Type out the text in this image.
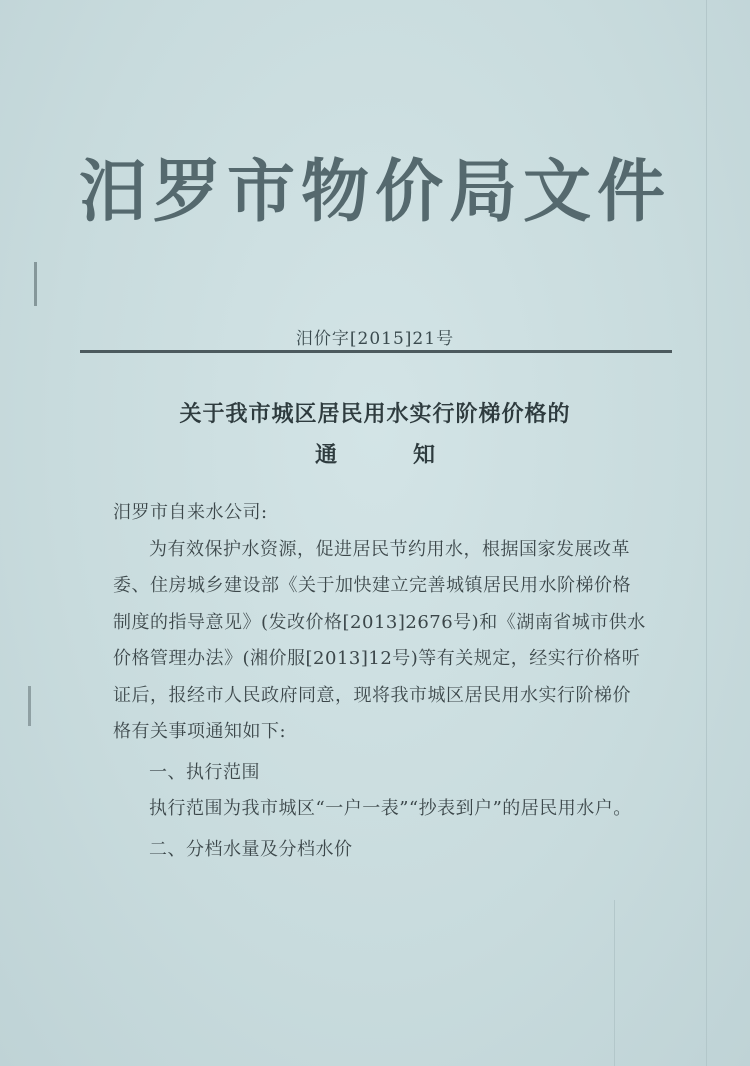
汨罗市物价局文件
汨价字[2015]21号
关于我市城区居民用水实行阶梯价格的
通	知

汨罗市自来水公司:

为有效保护水资源，促进居民节约用水，根据国家发展改革委、住房城乡建设部《关于加快建立完善城镇居民用水阶梯价格制度的指导意见》(发改价格[2013]2676号)和《湖南省城市供水价格管理办法》(湘价服[2013]12号)等有关规定，经实行价格听证后，报经市人民政府同意，现将我市城区居民用水实行阶梯价格有关事项通知如下:

一、执行范围

执行范围为我市城区“一户一表”“抄表到户”的居民用水户。

二、分档水量及分档水价
